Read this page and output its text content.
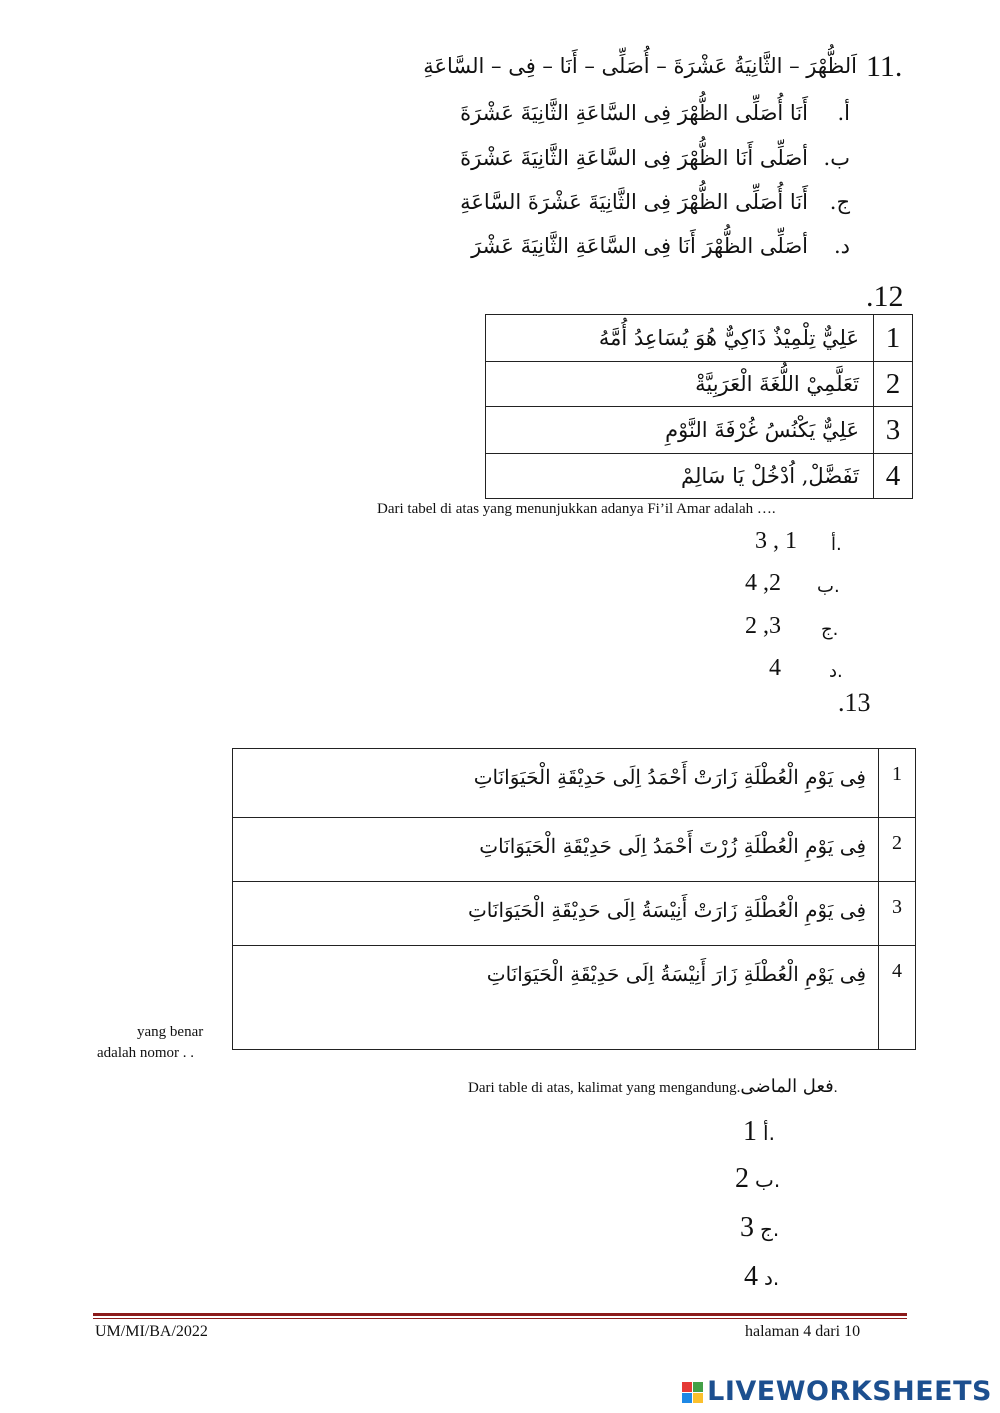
11.
اَلظُّهْرَ – الثَّانِيَةُ عَشْرَةَ – أُصَلِّى – أَنَا – فِى – السَّاعَةِ
أ.أَنَا أُصَلِّى الظُّهْرَ فِى السَّاعَةِ الثَّانِيَةَ عَشْرَةَ
ب.أصَلِّى أَنَا الظُّهْرَ فِى السَّاعَةِ الثَّانِيَةَ عَشْرَةَ
ج.أَنَا أُصَلِّى الظُّهْرَ فِى الثَّانِيَةَ عَشْرَةَ السَّاعَةِ
د.أصَلِّى الظُّهْرَ أَنَا فِى السَّاعَةِ الثَّانِيَةَ عَشْرَ
.12
عَلِيٌّ تِلْمِيْذٌ ذَاكِيٌّ هُوَ يُسَاعِدُ أُمَّهُ	1
تَعَلَّمِيْ اللُّغَةَ الْعَرَبِيَّةْ	2
عَلِيٌّ يَكْنُسُ غُرْفَةَ النَّوْمِ	3
تَفَضَّلْ, اُدْخُلْ يَا سَالِمْ	4
Dari tabel di atas yang menunjukkan adanya Fi’il Amar adalah ….
3 , 1 أ.
4 ,2 ب.
2 ,3 ج.
4	د.
.13
فِى يَوْمِ الْعُطْلَةِ زَارَتْ أَحْمَدُ اِلَى حَدِيْقَةِ الْحَيَوَانَاتِ	1
فِى يَوْمِ الْعُطْلَةِ زُرْتَ أَحْمَدُ اِلَى حَدِيْقَةِ الْحَيَوَانَاتِ	2
فِى يَوْمِ الْعُطْلَةِ زَارَتْ أَنِيْسَةُ اِلَى حَدِيْقَةِ الْحَيَوَانَاتِ	3
فِى يَوْمِ الْعُطْلَةِ زَارَ أَنِيْسَةُ اِلَى حَدِيْقَةِ الْحَيَوَانَاتِ	4
yang benar
adalah nomor . .
Dari table di atas, kalimat yang mengandung.فعل الماضى.
1 أ.
2 ب.
3 ج.
4 د.
UM/MI/BA/2022	halaman 4 dari 10
LIVEWORKSHEETS
